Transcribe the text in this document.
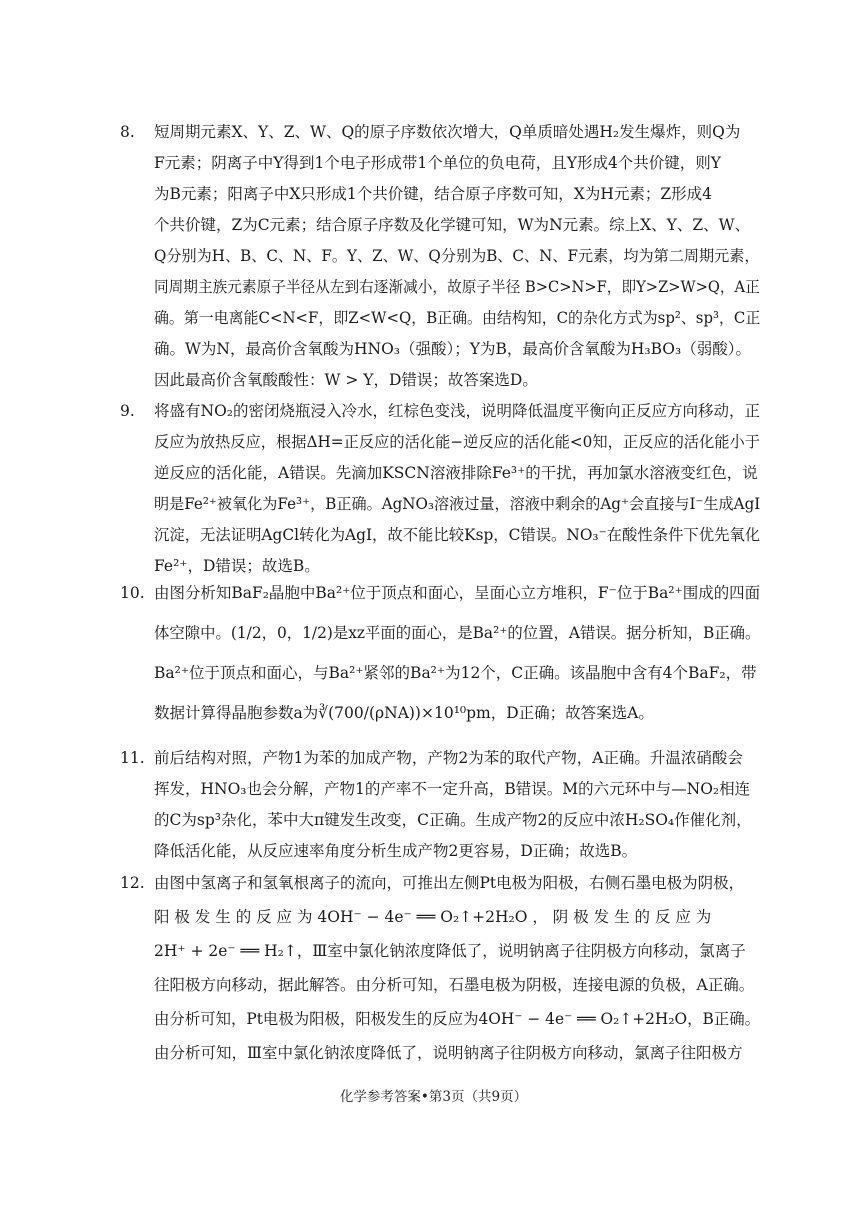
8.	短周期元素X、Y、Z、W、Q的原子序数依次增大，Q单质暗处遇H₂发生爆炸，则Q为
F元素；阴离子中Y得到1个电子形成带1个单位的负电荷，且Y形成4个共价键，则Y
为B元素；阳离子中X只形成1个共价键，结合原子序数可知，X为H元素；Z形成4
个共价键，Z为C元素；结合原子序数及化学键可知，W为N元素。综上X、Y、Z、W、
Q分别为H、B、C、N、F。Y、Z、W、Q分别为B、C、N、F元素，均为第二周期元素，
同周期主族元素原子半径从左到右逐渐减小，故原子半径 B>C>N>F，即Y>Z>W>Q，A正
确。第一电离能C<N<F，即Z<W<Q，B正确。由结构知，C的杂化方式为sp²、sp³，C正
确。W为N，最高价含氧酸为HNO₃（强酸）；Y为B，最高价含氧酸为H₃BO₃（弱酸）。
因此最高价含氧酸酸性：W > Y，D错误；故答案选D。
9.	将盛有NO₂的密闭烧瓶浸入冷水，红棕色变浅，说明降低温度平衡向正反应方向移动，正
反应为放热反应，根据ΔH=正反应的活化能−逆反应的活化能<0知，正反应的活化能小于
逆反应的活化能，A错误。先滴加KSCN溶液排除Fe³⁺的干扰，再加氯水溶液变红色，说
明是Fe²⁺被氧化为Fe³⁺，B正确。AgNO₃溶液过量，溶液中剩余的Ag⁺会直接与I⁻生成AgI
沉淀，无法证明AgCl转化为AgI，故不能比较Ksp，C错误。NO₃⁻在酸性条件下优先氧化
Fe²⁺，D错误；故选B。
10. 由图分析知BaF₂晶胞中Ba²⁺位于顶点和面心，呈面心立方堆积，F⁻位于Ba²⁺围成的四面
体空隙中。(1/2，0，1/2)是xz平面的面心，是Ba²⁺的位置，A错误。据分析知，B正确。
Ba²⁺位于顶点和面心，与Ba²⁺紧邻的Ba²⁺为12个，C正确。该晶胞中含有4个BaF₂，带
数据计算得晶胞参数a为∛(700/(ρNA))×10¹⁰pm，D正确；故答案选A。
11. 前后结构对照，产物1为苯的加成产物，产物2为苯的取代产物，A正确。升温浓硝酸会
挥发，HNO₃也会分解，产物1的产率不一定升高，B错误。M的六元环中与—NO₂相连
的C为sp³杂化，苯中大π键发生改变，C正确。生成产物2的反应中浓H₂SO₄作催化剂，
降低活化能，从反应速率角度分析生成产物2更容易，D正确；故选B。
12. 由图中氢离子和氢氧根离子的流向，可推出左侧Pt电极为阳极，右侧石墨电极为阴极，
阳 极 发 生 的 反 应 为 4OH⁻ − 4e⁻ ══ O₂↑+2H₂O ， 阴 极 发 生 的 反 应 为
2H⁺ + 2e⁻ ══ H₂↑，Ⅲ室中氯化钠浓度降低了，说明钠离子往阴极方向移动，氯离子
往阳极方向移动，据此解答。由分析可知，石墨电极为阴极，连接电源的负极，A正确。
由分析可知，Pt电极为阳极，阳极发生的反应为4OH⁻ − 4e⁻ ══ O₂↑+2H₂O，B正确。
由分析可知，Ⅲ室中氯化钠浓度降低了，说明钠离子往阴极方向移动，氯离子往阳极方
化学参考答案•第3页（共9页）
